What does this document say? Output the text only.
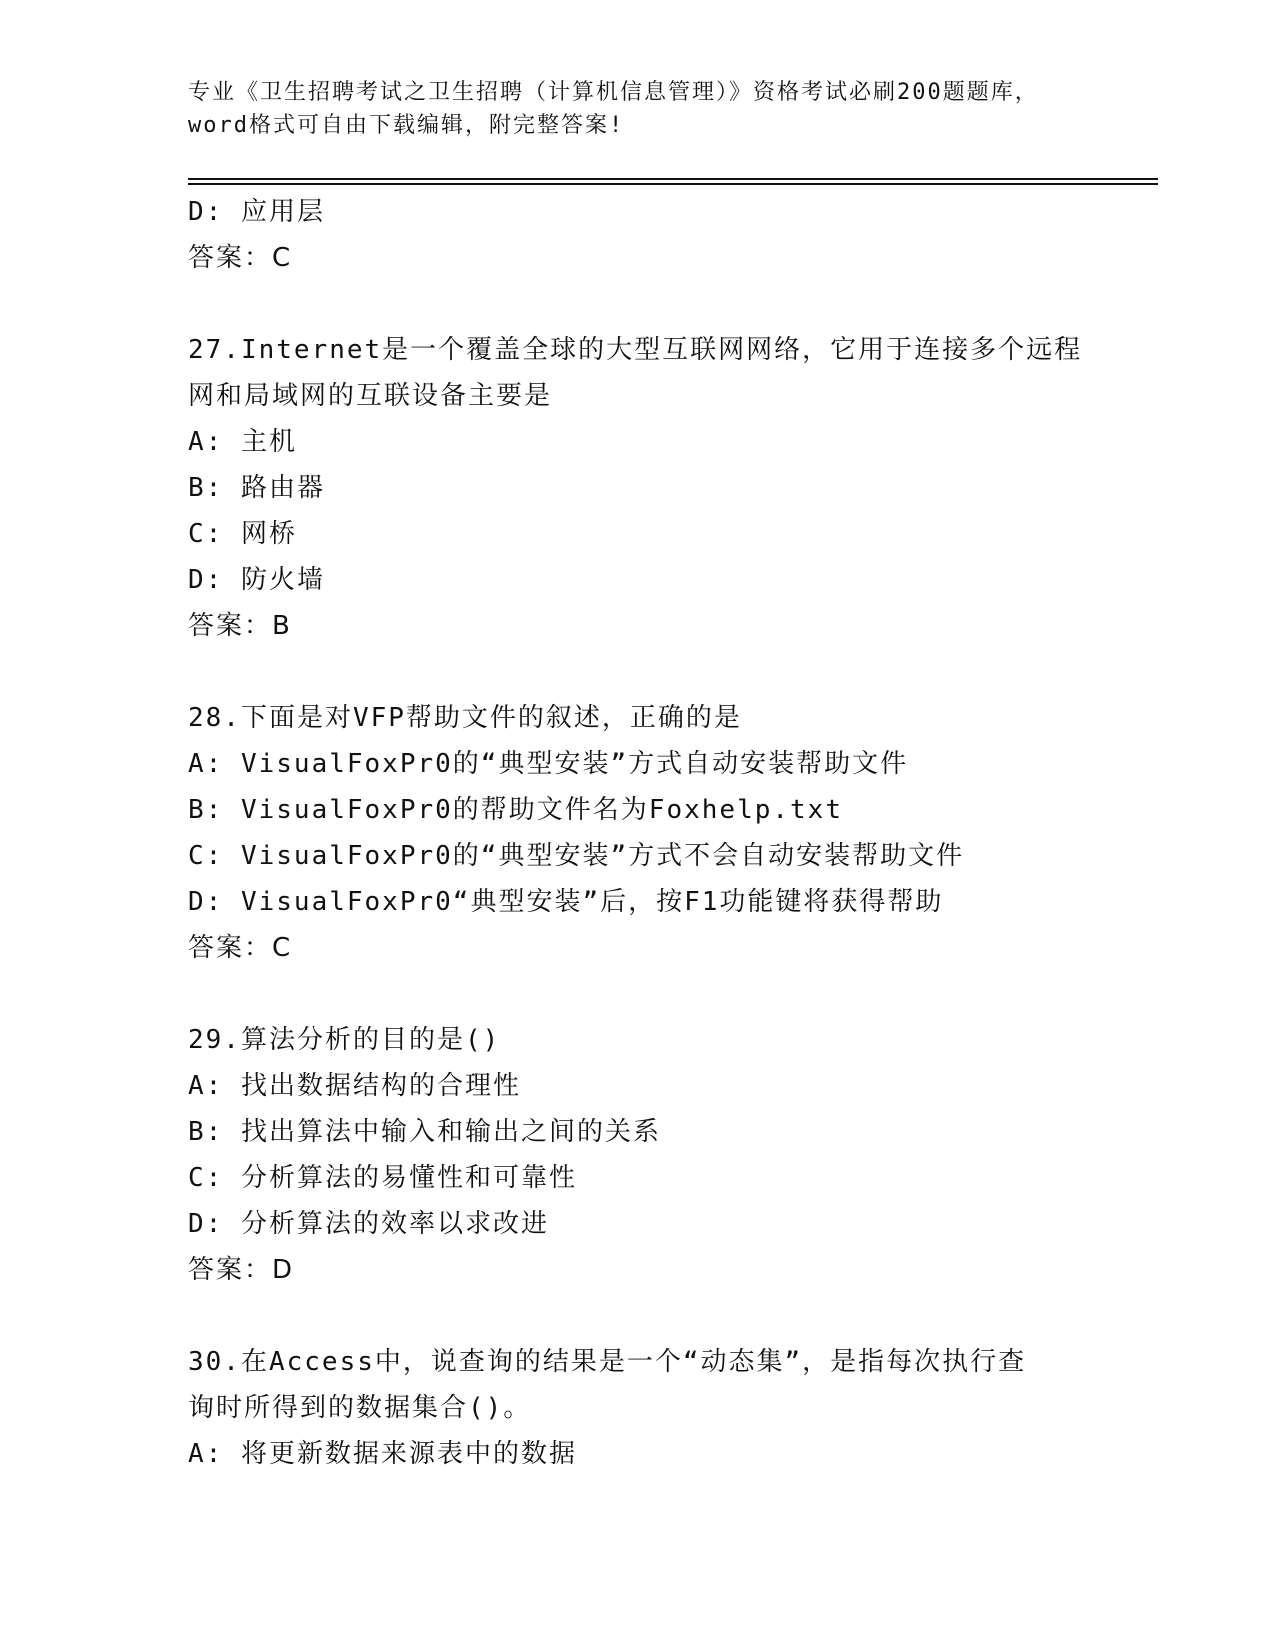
专业《卫生招聘考试之卫生招聘（计算机信息管理）》资格考试必刷200题题库，
word格式可自由下载编辑，附完整答案!
D: 应用层
答案：C
27.Internet是一个覆盖全球的大型互联网网络，它用于连接多个远程
网和局域网的互联设备主要是
A: 主机
B: 路由器
C: 网桥
D: 防火墙
答案：B
28.下面是对VFP帮助文件的叙述，正确的是
A: VisualFoxPr0的“典型安装”方式自动安装帮助文件
B: VisualFoxPr0的帮助文件名为Foxhelp.txt
C: VisualFoxPr0的“典型安装”方式不会自动安装帮助文件
D: VisualFoxPr0“典型安装”后，按F1功能键将获得帮助
答案：C
29.算法分析的目的是()
A: 找出数据结构的合理性
B: 找出算法中输入和输出之间的关系
C: 分析算法的易懂性和可靠性
D: 分析算法的效率以求改进
答案：D
30.在Access中，说查询的结果是一个“动态集”，是指每次执行查
询时所得到的数据集合()。
A: 将更新数据来源表中的数据
